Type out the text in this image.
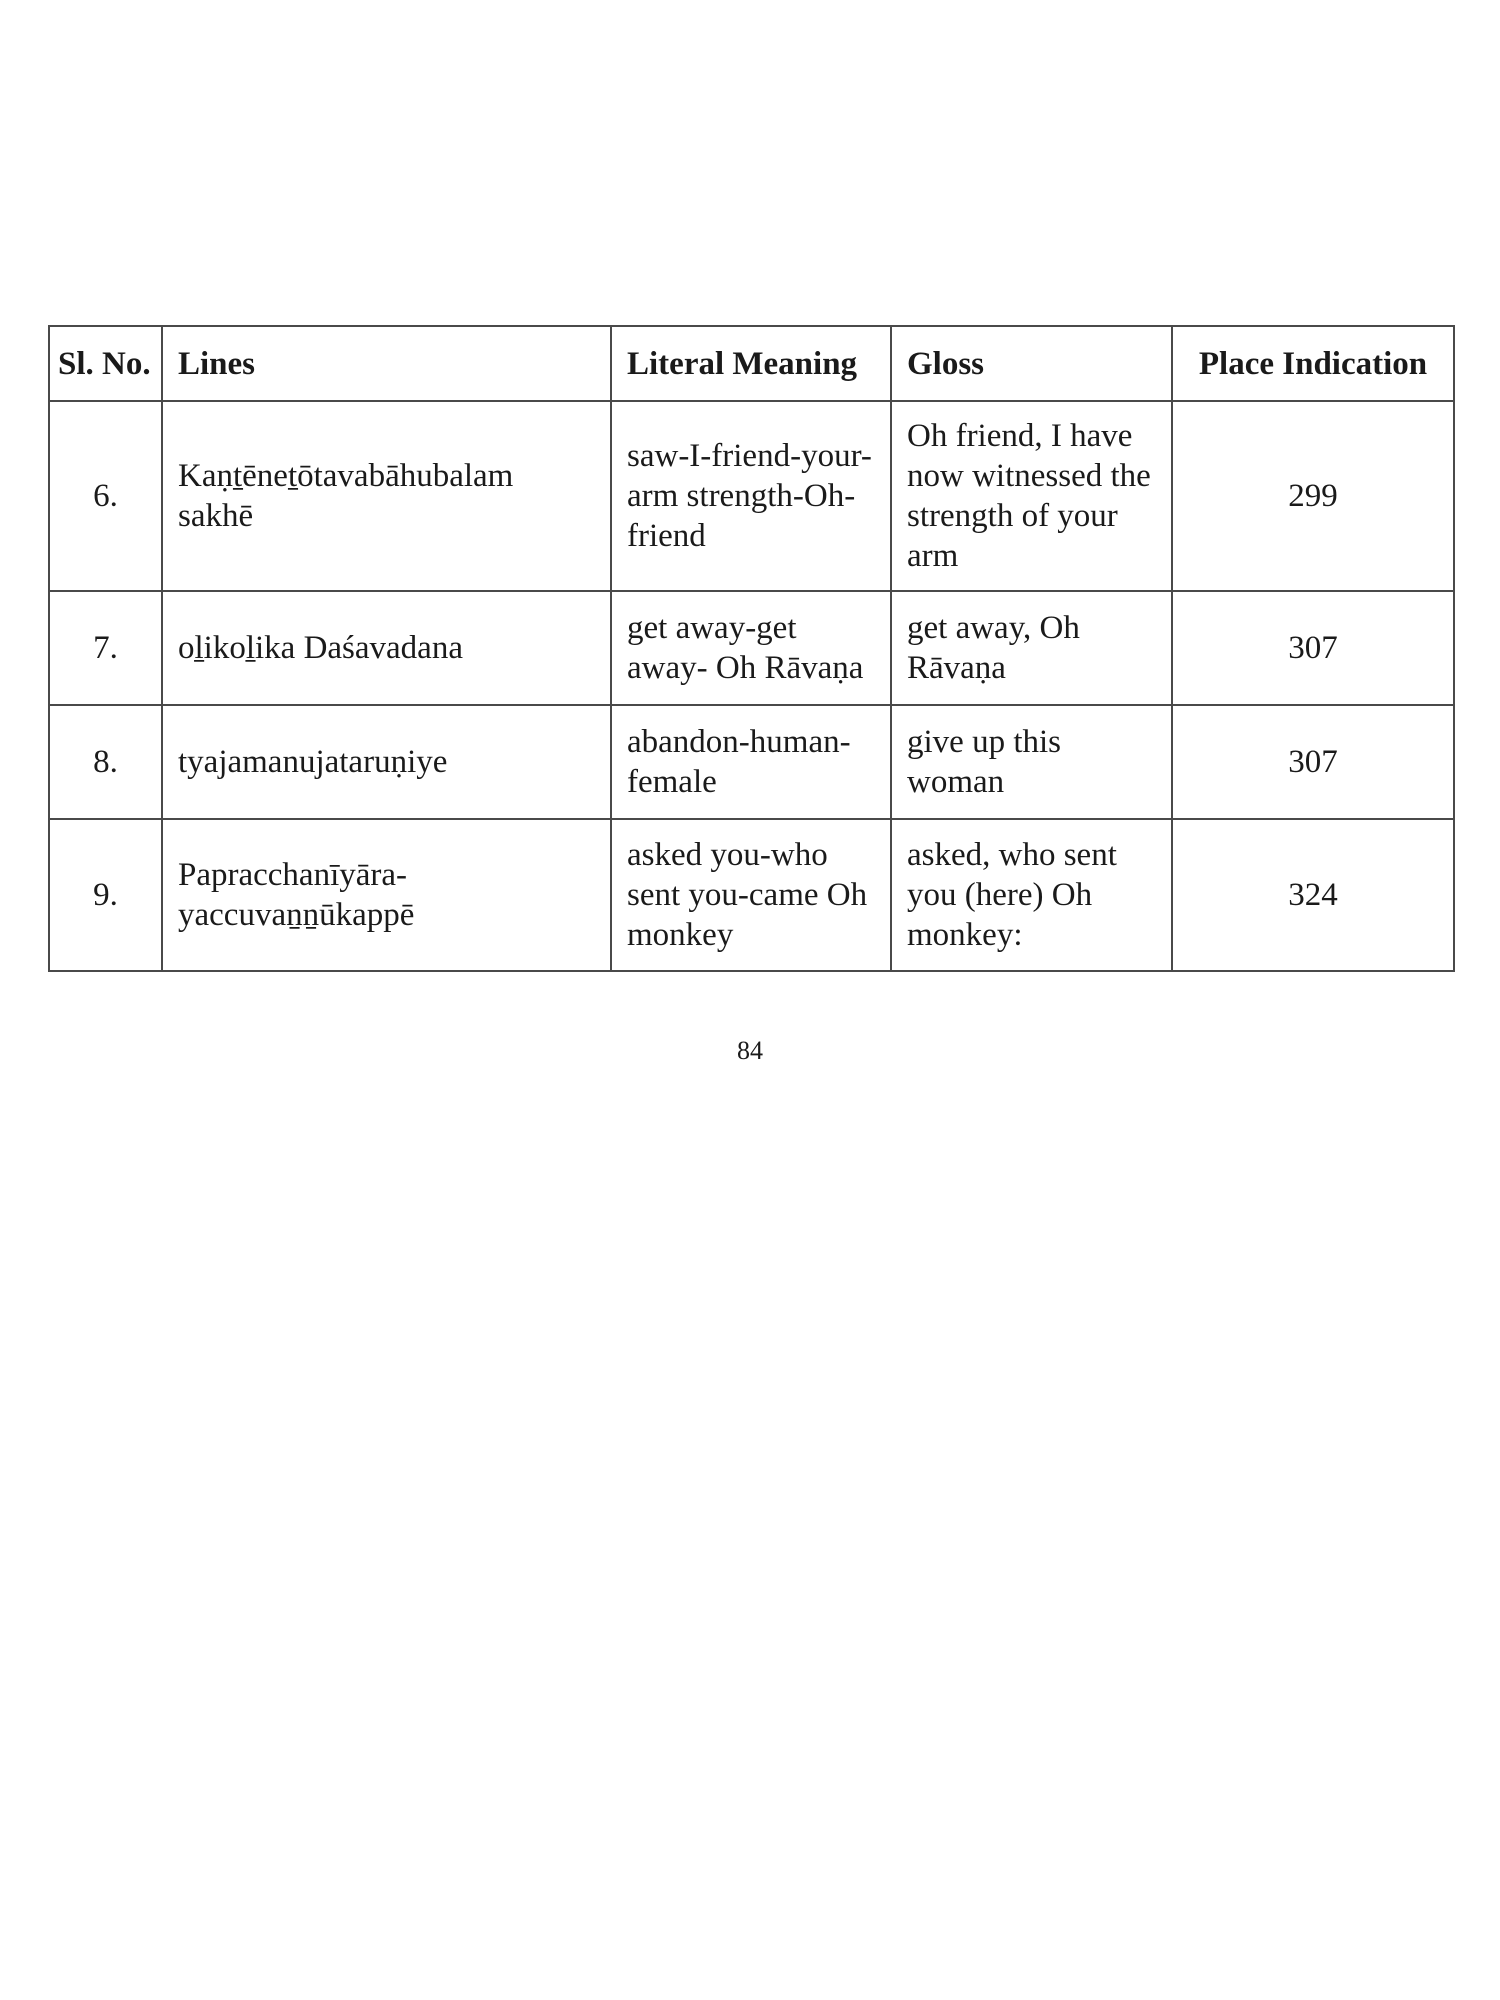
Sl. No.	Lines	Literal Meaning	Gloss	Place Indication
6.	Kaṇṯēneṯōtavabāhubalam sakhē	saw-I-friend-your-arm strength-Oh-friend	Oh friend, I have now witnessed the strength of your arm	299
7.	oḻikoḻika Daśavadana	get away-get away- Oh Rāvaṇa	get away, Oh Rāvaṇa	307
8.	tyajamanujataruṇiye	abandon-human-female	give up this woman	307
9.	Papracchanīyāra-yaccuvaṉṉūkappē	asked you-who sent you-came Oh monkey	asked, who sent you (here) Oh monkey:	324
84
